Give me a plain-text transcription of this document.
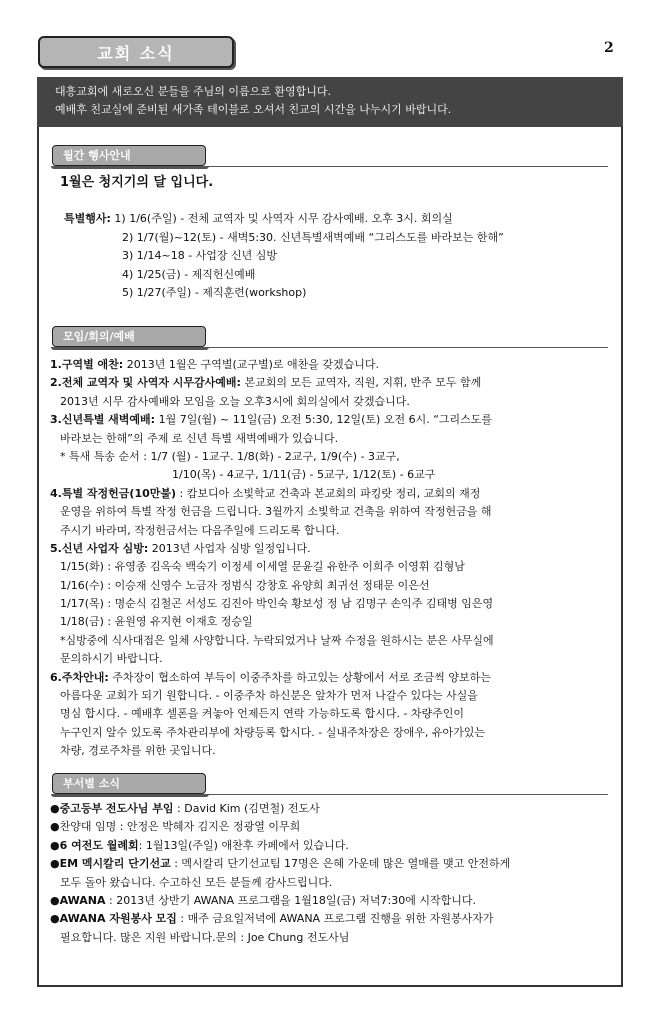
교회 소식	2
대흥교회에 새로오신 분들을 주님의 이름으로 환영합니다.
예배후 친교실에 준비된 새가족 테이블로 오셔서 친교의 시간을 나누시기 바랍니다.
월간 행사안내
1월은 청지기의 달 입니다.
특별행사: 1) 1/6(주일) - 전체 교역자 및 사역자 시무 감사예배. 오후 3시. 회의실
2) 1/7(월)~12(토) - 새벽5:30. 신년특별새벽예배 “그리스도를 바라보는 한해”
3) 1/14~18 - 사업장 신년 심방
4) 1/25(금) - 제직헌신예배
5) 1/27(주일) - 제직훈련(workshop)
모임/회의/예배
1.구역별 애찬: 2013년 1월은 구역별(교구별)로 애찬을 갖겠습니다.
2.전체 교역자 및 사역자 시무감사예배: 본교회의 모든 교역자, 직원, 지휘, 반주 모두 함께
2013년 시무 감사예배와 모임을 오늘 오후3시에 회의실에서 갖겠습니다.
3.신년특별 새벽예배: 1월 7일(월) ~ 11일(금) 오전 5:30, 12일(토) 오전 6시. “그리스도를
바라보는 한해”의 주제 로 신년 특별 새벽예배가 있습니다.
* 특새 특송 순서 : 1/7 (월) - 1교구. 1/8(화) - 2교구, 1/9(수) - 3교구,
1/10(목) - 4교구, 1/11(금) - 5교구, 1/12(토) - 6교구
4.특별 작정헌금(10만불) : 캄보디아 소빛학교 건축과 본교회의 파킹랏 정리, 교회의 재정
운영을 위하여 특별 작정 헌금을 드립니다. 3월까지 소빛학교 건축을 위하여 작정헌금을 해
주시기 바라며, 작정헌금서는 다음주일에 드리도록 합니다.
5.신년 사업자 심방: 2013년 사업자 심방 일정입니다.
1/15(화) : 유영종 김옥숙 백숙기 이정세 이세열 문윤길 유한주 이희주 이영휘 김형남
1/16(수) : 이승재 신영수 노금자 정범식 강창호 유양희 최귀선 정태문 이은선
1/17(목) : 명순식 김철곤 서성도 김진아 박인숙 황보성 정 남 김명구 손익주 김태병 임은영
1/18(금) : 윤원영 유지현 이재호 정승일
*심방중에 식사대접은 일체 사양합니다. 누락되었거나 날짜 수정을 원하시는 분은 사무실에
문의하시기 바랍니다.
6.주차안내: 주차장이 협소하여 부득이 이중주차를 하고있는 상황에서 서로 조금씩 양보하는
아름다운 교회가 되기 원합니다. - 이중주차 하신분은 앞차가 먼저 나갈수 있다는 사실을
명심 합시다. - 예배후 셀폰을 켜놓아 언제든지 연락 가능하도록 합시다. - 차량주인이
누구인지 알수 있도록 주차관리부에 차량등록 합시다. - 실내주차장은 장애우, 유아가있는
차량, 경로주차를 위한 곳입니다.
부서별 소식
●중고등부 전도사님 부임 : David Kim (김면철) 전도사
●찬양대 임명 : 안정은 박혜자 김지은 정광열 이무희
●6 여전도 월례회: 1월13일(주일) 애찬후 카페에서 있습니다.
●EM 멕시칼리 단기선교 : 멕시칼리 단기선교팀 17명은 은혜 가운데 많은 열매를 맺고 안전하게
모두 돌아 왔습니다. 수고하신 모든 분들께 감사드립니다.
●AWANA : 2013년 상반기 AWANA 프로그램을 1월18일(금) 저녁7:30에 시작합니다.
●AWANA 자원봉사 모집 : 매주 금요일저녁에 AWANA 프로그램 진행을 위한 자원봉사자가
필요합니다. 많은 지원 바랍니다.문의 : Joe Chung 전도사님
